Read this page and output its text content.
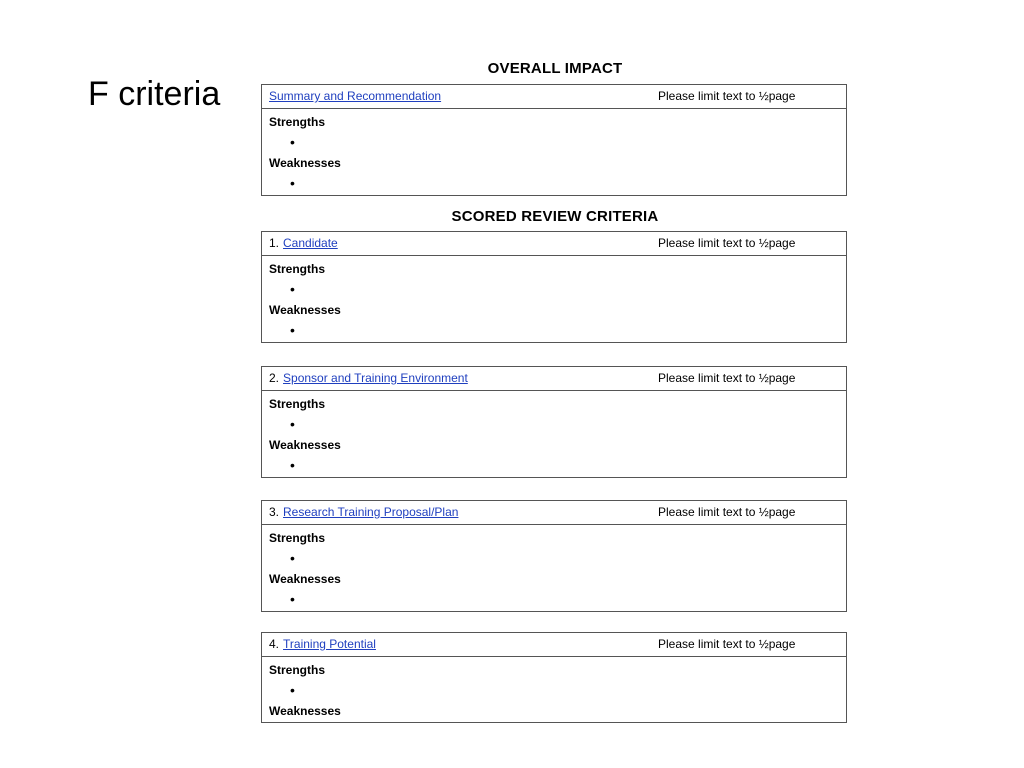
F criteria
OVERALL IMPACT
Summary and Recommendation	Please limit text to ½page
Strengths
•
Weaknesses
•
SCORED REVIEW CRITERIA
1. Candidate	Please limit text to ½page
Strengths
•
Weaknesses
•
2. Sponsor and Training Environment	Please limit text to ½page
Strengths
•
Weaknesses
•
3. Research Training Proposal/Plan	Please limit text to ½page
Strengths
•
Weaknesses
•
4. Training Potential	Please limit text to ½page
Strengths
•
Weaknesses
